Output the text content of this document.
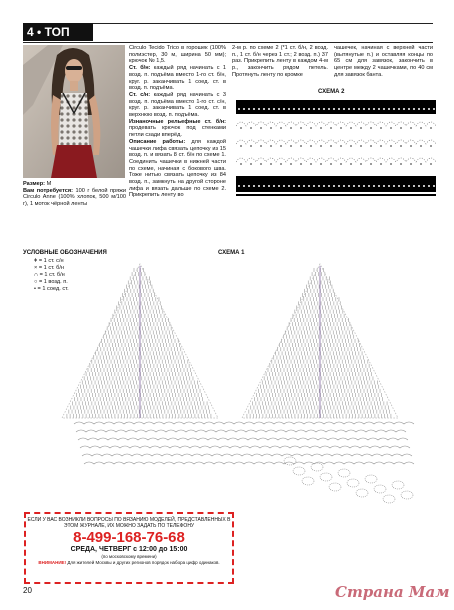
4 • ТОП
Размер: M
Вам потребуется: 100 г белой пряжи Circulo Anne (100% хлопок, 500 м/100 г), 1 моток чёрной ленты
Circulo Tecido Trico в горошек (100% полиэстер, 30 м, ширина 50 мм); крючок № 1,5.
Ст. б/н: каждый ряд начинать с 1 возд. п. подъёма вместо 1-го ст. б/н, круг. р. заканчивать 1 соед. ст. в возд. п. подъёма.
Ст. с/н: каждый ряд начинать с 3 возд. п. подъёма вместо 1-го ст. с/н, круг. р. заканчивать 1 соед. ст. в верхнюю возд. п. подъёма.
Изнаночные рельефные ст. б/н: продевать крючок под стенками петли сзади вперёд.
Описание работы: для каждой чашечки лифа связать цепочку из 15 возд. п. и вязать 8 ст. б/н по схеме 1. Соединить чашечки в нижней части по схеме, начиная с бокового шва. Тоже нитью связать цепочку из 84 возд. п., замкнуть на другой стороне лифа и вязать дальше по схеме 2. Прикрепить ленту во
2-м р. по схеме 2 (*1 ст. б/н, 2 возд. п., 1 ст. б/н через 1 ст.; 2 возд. п.) 37 раз. Прикрепить ленту в каждом 4-м р., закончить рядом петель. Протянуть ленту по кромке
чашечек, начиная с верхней части (вытянутые п.) и оставляя концы по 65 см для завязок, закончить в центре между 2 чашечками, по 40 см для завязок банта.
СХЕМА 2
УСЛОВНЫЕ ОБОЗНАЧЕНИЯ
ǂ = 1 ст. с/н
× = 1 ст. б/н
∩ = 1 ст. б/н
○ = 1 возд. п.
• = 1 соед. ст.
СХЕМА 1
ЕСЛИ У ВАС ВОЗНИКЛИ ВОПРОСЫ ПО ВЯЗАНИЮ МОДЕЛЕЙ, ПРЕДСТАВЛЕННЫХ В ЭТОМ ЖУРНАЛЕ, ИХ МОЖНО ЗАДАТЬ ПО ТЕЛЕФОНУ
8-499-168-76-68
СРЕДА, ЧЕТВЕРГ с 12:00 до 15:00
(по московскому времени)
ВНИМАНИЕ! Для жителей Москвы и других регионов порядок набора цифр одинаков.
20	Страна Мам
